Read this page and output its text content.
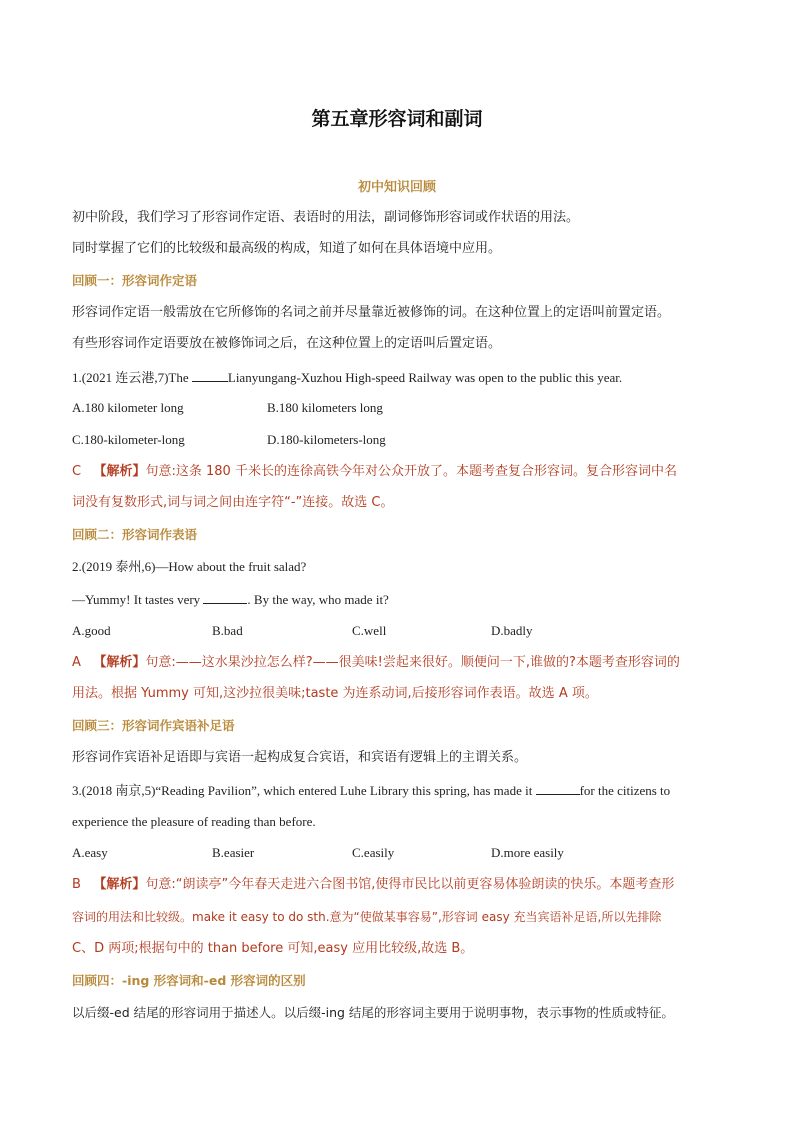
第五章形容词和副词
初中知识回顾
初中阶段，我们学习了形容词作定语、表语时的用法，副词修饰形容词或作状语的用法。
同时掌握了它们的比较级和最高级的构成，知道了如何在具体语境中应用。
回顾一：形容词作定语
形容词作定语一般需放在它所修饰的名词之前并尽量靠近被修饰的词。在这种位置上的定语叫前置定语。
有些形容词作定语要放在被修饰词之后，在这种位置上的定语叫后置定语。
1.(2021 连云港,7)The	Lianyungang-Xuzhou High-speed Railway was open to the public this year.
A.180 kilometer long	B.180 kilometers long
C.180-kilometer-long	D.180-kilometers-long
C 【解析】句意:这条 180 千米长的连徐高铁今年对公众开放了。本题考查复合形容词。复合形容词中名
词没有复数形式,词与词之间由连字符“-”连接。故选 C。
回顾二：形容词作表语
2.(2019 泰州,6)—How about the fruit salad?
—Yummy! It tastes very	. By the way, who made it?
A.good	B.bad	C.well	D.badly
A 【解析】句意:——这水果沙拉怎么样?——很美味!尝起来很好。顺便问一下,谁做的?本题考查形容词的
用法。根据 Yummy 可知,这沙拉很美味;taste 为连系动词,后接形容词作表语。故选 A 项。
回顾三：形容词作宾语补足语
形容词作宾语补足语即与宾语一起构成复合宾语，和宾语有逻辑上的主谓关系。
3.(2018 南京,5)“Reading Pavilion”, which entered Luhe Library this spring, has made it	for the citizens to
experience the pleasure of reading than before.
A.easy	B.easier	C.easily	D.more easily
B 【解析】句意:“朗读亭”今年春天走进六合图书馆,使得市民比以前更容易体验朗读的快乐。本题考查形
容词的用法和比较级。make it easy to do sth.意为“使做某事容易”,形容词 easy 充当宾语补足语,所以先排除
C、D 两项;根据句中的 than before 可知,easy 应用比较级,故选 B。
回顾四：-ing 形容词和-ed 形容词的区别
以后缀-ed 结尾的形容词用于描述人。以后缀-ing 结尾的形容词主要用于说明事物，表示事物的性质或特征。
